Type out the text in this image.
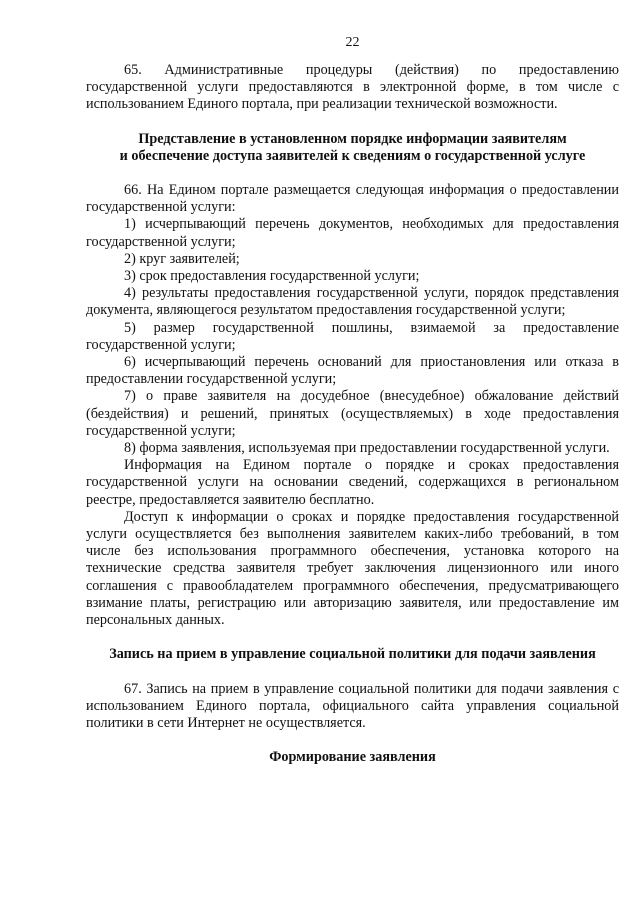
22

65. Административные процедуры (действия) по предоставлению государственной услуги предоставляются в электронной форме, в том числе с использованием Единого портала, при реализации технической возможности.

Представление в установленном порядке информации заявителям

и обеспечение доступа заявителей к сведениям о государственной услуге

66. На Едином портале размещается следующая информация о предоставлении государственной услуги:

1) исчерпывающий перечень документов, необходимых для предоставления государственной услуги;

2) круг заявителей;

3) срок предоставления государственной услуги;

4) результаты предоставления государственной услуги, порядок представления документа, являющегося результатом предоставления государственной услуги;

5) размер государственной пошлины, взимаемой за предоставление государственной услуги;

6) исчерпывающий перечень оснований для приостановления или отказа в предоставлении государственной услуги;

7) о праве заявителя на досудебное (внесудебное) обжалование действий (бездействия) и решений, принятых (осуществляемых) в ходе предоставления государственной услуги;

8) форма заявления, используемая при предоставлении государственной услуги.

Информация на Едином портале о порядке и сроках предоставления государственной услуги на основании сведений, содержащихся в региональном реестре, предоставляется заявителю бесплатно.

Доступ к информации о сроках и порядке предоставления государственной услуги осуществляется без выполнения заявителем каких-либо требований, в том числе без использования программного обеспечения, установка которого на технические средства заявителя требует заключения лицензионного или иного соглашения с правообладателем программного обеспечения, предусматривающего взимание платы, регистрацию или авторизацию заявителя, или предоставление им персональных данных.

Запись на прием в управление социальной политики для подачи заявления

67. Запись на прием в управление социальной политики для подачи заявления с использованием Единого портала, официального сайта управления социальной политики в сети Интернет не осуществляется.

Формирование заявления
